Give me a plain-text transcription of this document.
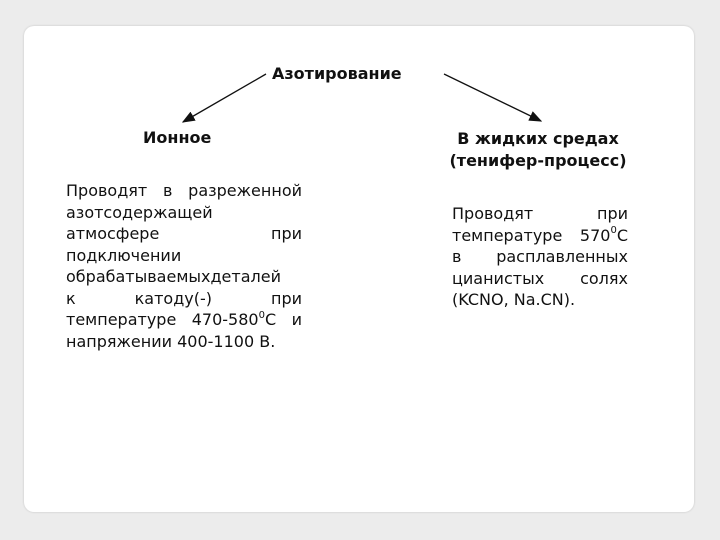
Азотирование
Ионное	В жидких средах
(тенифер-процесс)
Проводят в разреженной
азотсодержащей
атмосфере при
подключении
обрабатываемыхдеталей
к катоду(-) при
температуре $470-580^0С$ и
напряжении 400-1100 В.
Проводят при
температуре $570^0С$
в расплавленных
цианистых солях
(KCNO, Na.CN).
